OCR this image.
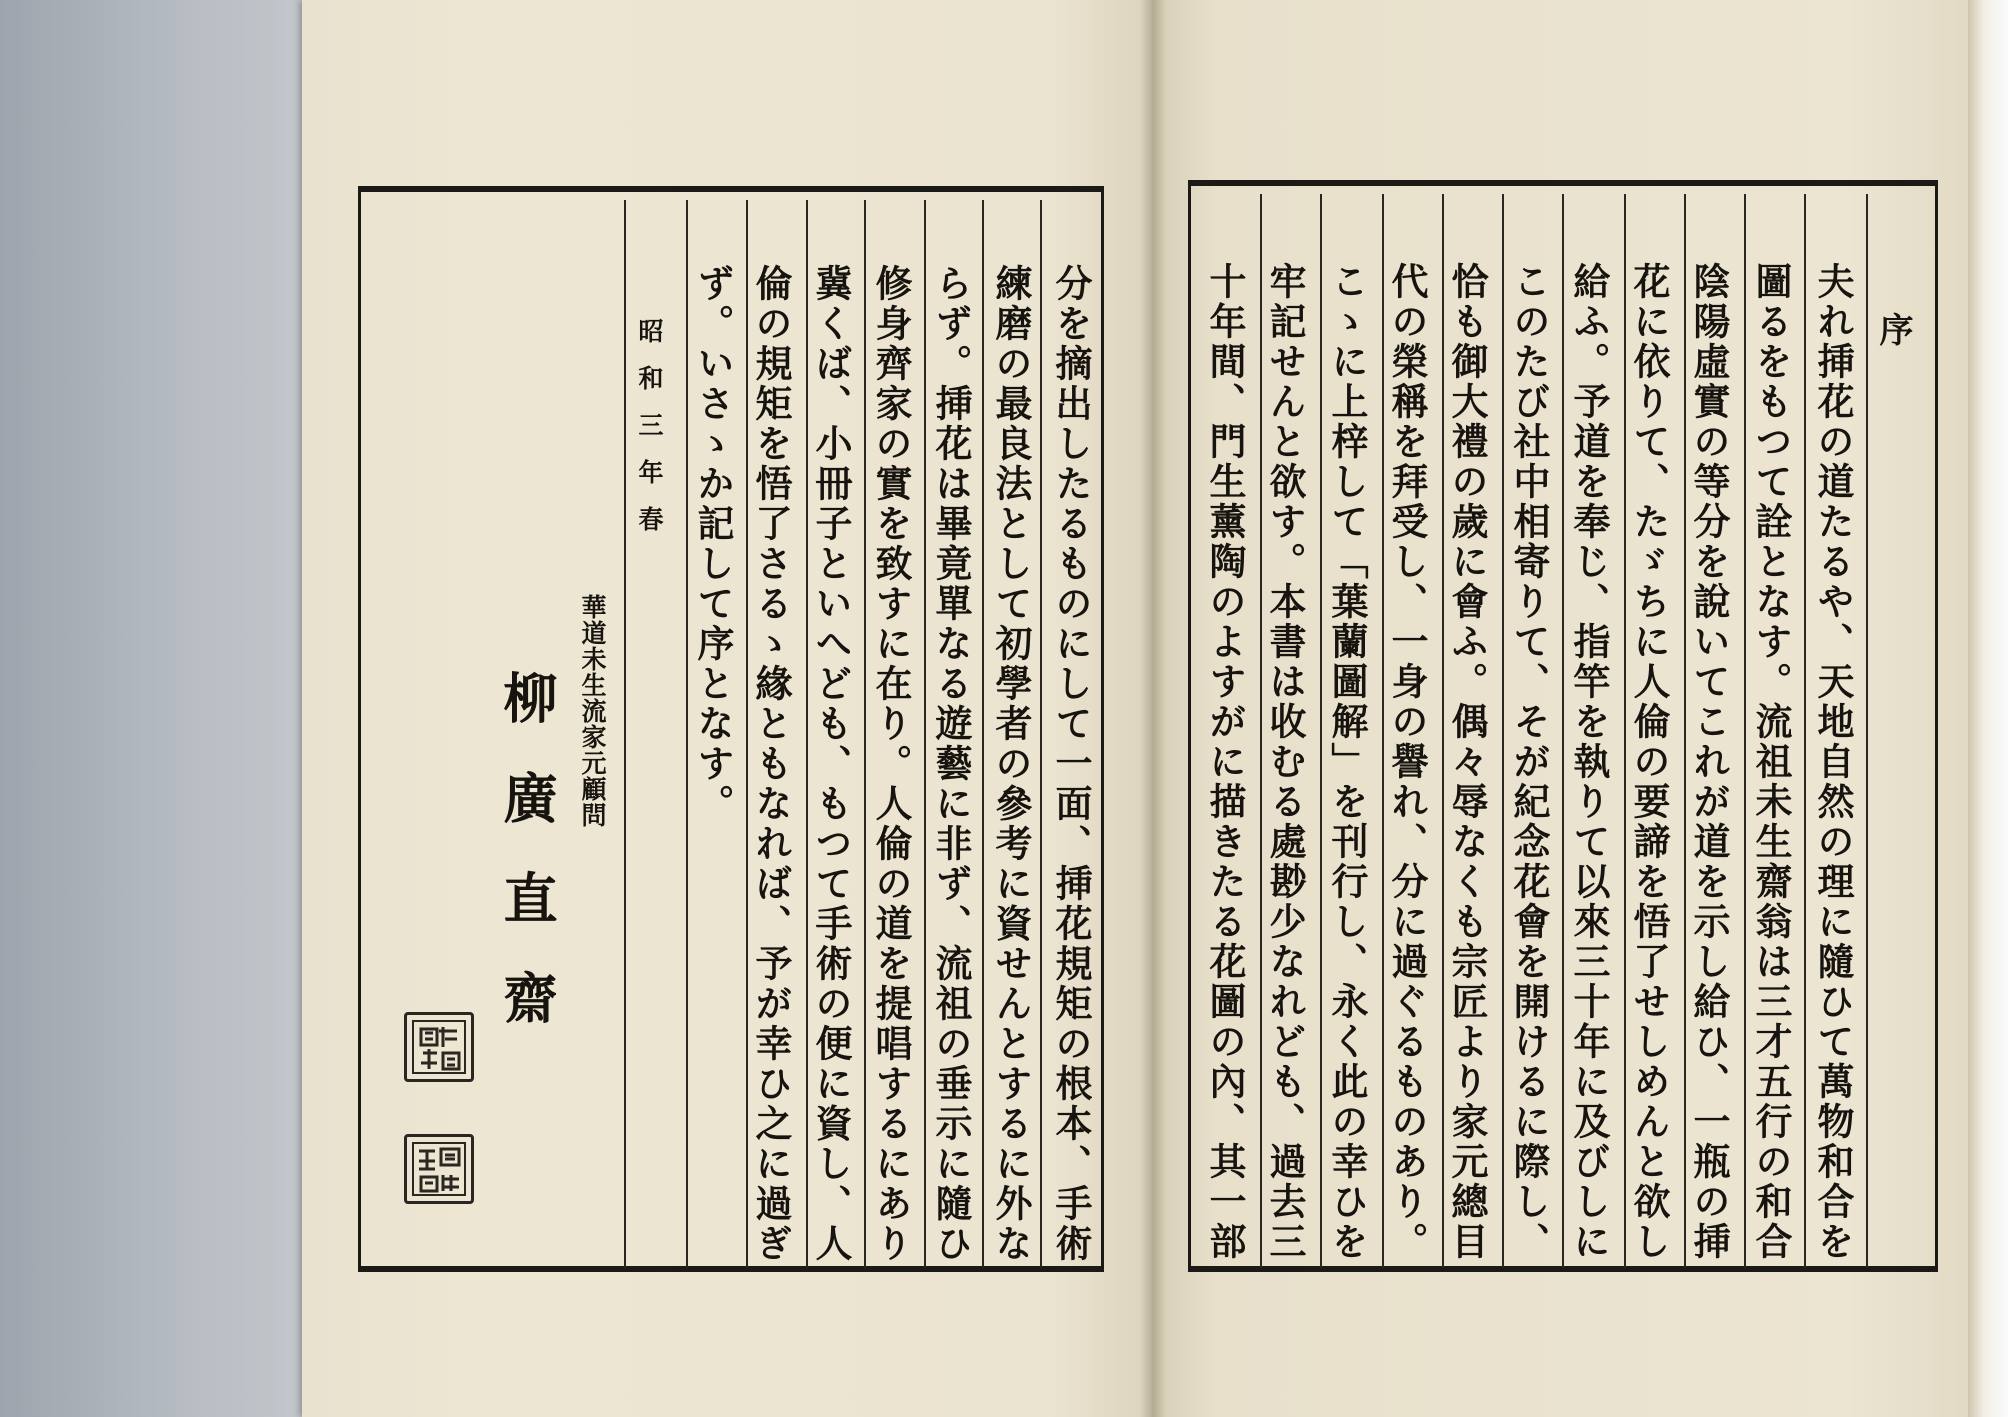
序
夫れ挿花の道たるや、天地自然の理に隨ひて萬物和合を
圖るをもつて詮となす。流祖未生齋翁は三才五行の和合
陰陽虛實の等分を說いてこれが道を示し給ひ、一瓶の挿
花に依りて、たゞちに人倫の要諦を悟了せしめんと欲し
給ふ。予道を奉じ、指竿を執りて以來三十年に及びしに
このたび社中相寄りて、そが紀念花會を開けるに際し、
恰も御大禮の歲に會ふ。偶々辱なくも宗匠より家元總目
代の榮稱を拜受し、一身の譽れ、分に過ぐるものあり。
こゝに上梓して「葉蘭圖解」を刊行し、永く此の幸ひを
牢記せんと欲す。本書は收むる處尠少なれども、過去三
十年間、門生薰陶のよすがに描きたる花圖の內、其一部
分を摘出したるものにして一面、挿花規矩の根本、手術
練磨の最良法として初學者の參考に資せんとするに外な
らず。挿花は畢竟單なる遊藝に非ず、流祖の垂示に隨ひ
修身齊家の實を致すに在り。人倫の道を提唱するにあり
冀くば、小冊子といへども、もつて手術の便に資し、人
倫の規矩を悟了さるゝ緣ともなれば、予が幸ひ之に過ぎ
ず。いさゝか記して序となす。
昭和三年春
華道未生流家元顧問
柳廣直齋
